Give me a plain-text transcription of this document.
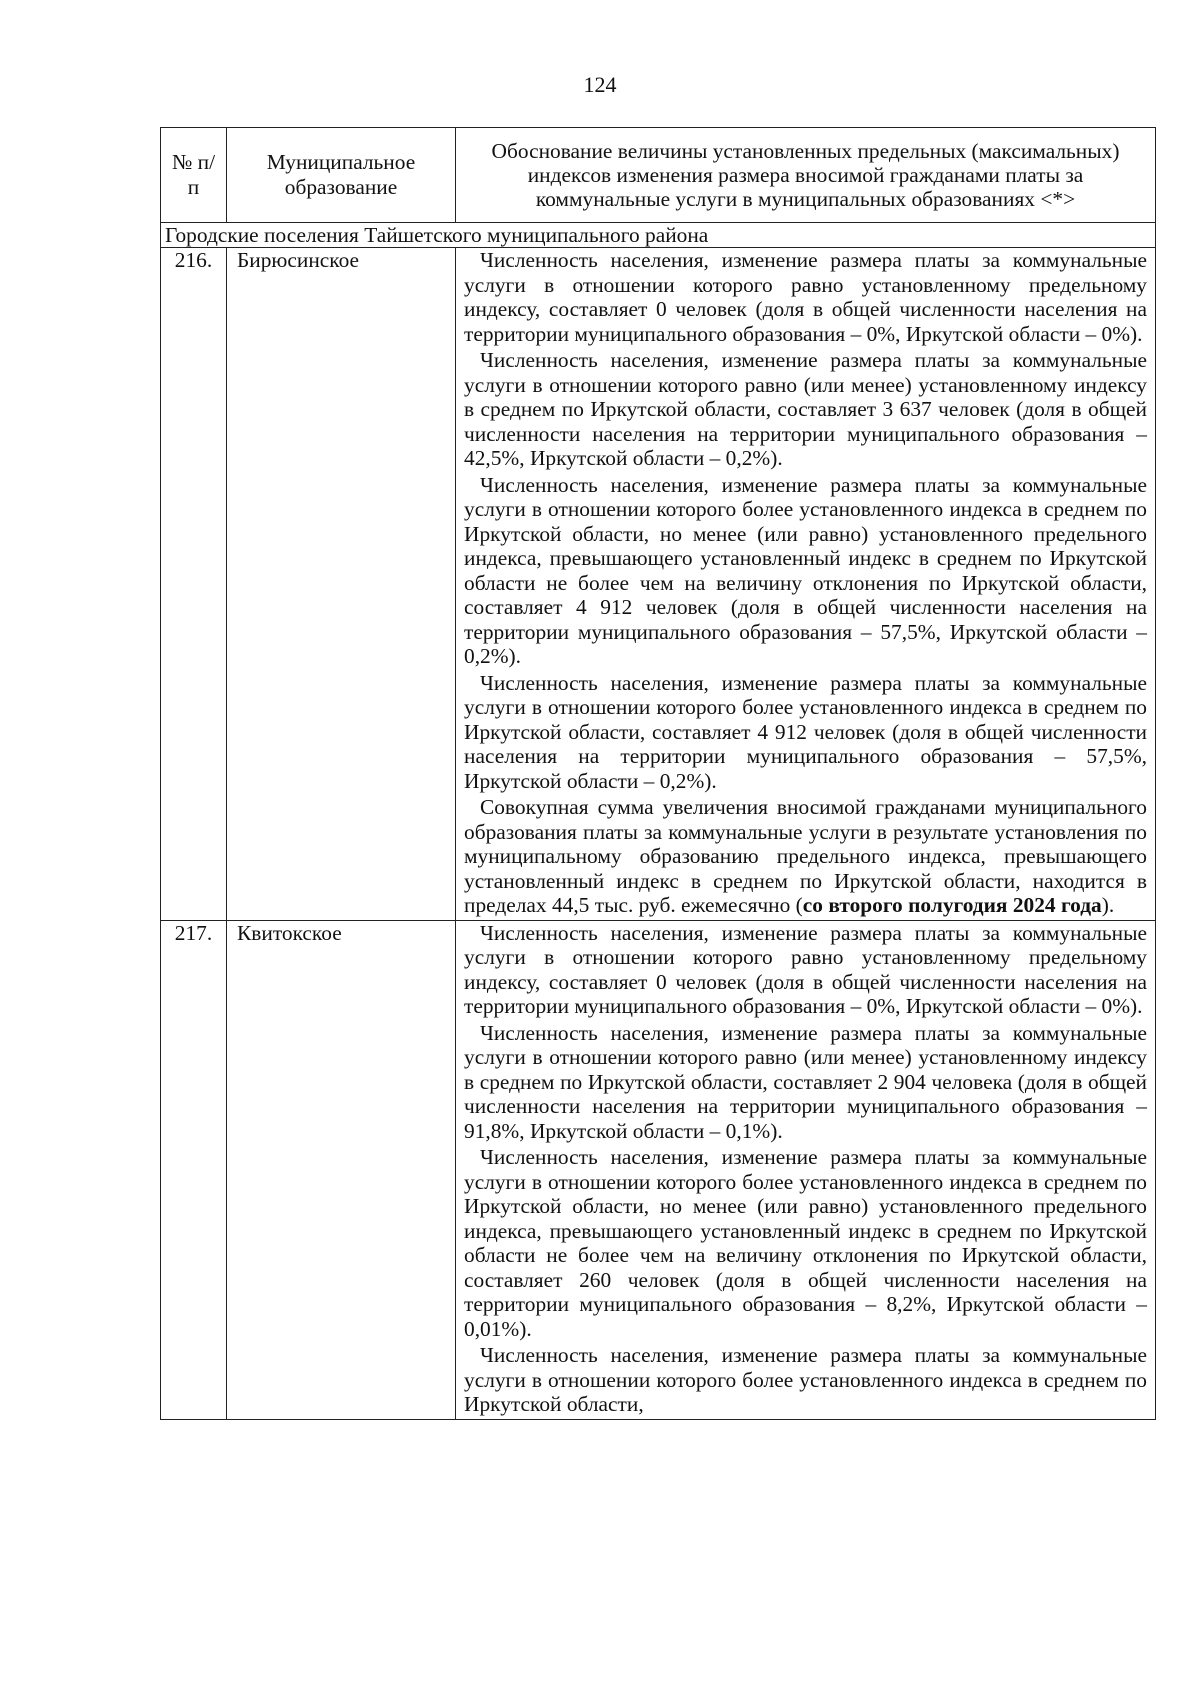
124
№ п/п	Муниципальное образование	Обоснование величины установленных предельных (максимальных) индексов изменения размера вносимой гражданами платы за коммунальные услуги в муниципальных образованиях <*>
Городские поселения Тайшетского муниципального района		
216.	Бирюсинское	Численность населения, изменение размера платы за коммунальные услуги в отношении которого равно установленному предельному индексу, составляет 0 человек (доля в общей численности населения на территории муниципального образования – 0%, Иркутской области – 0%).

Численность населения, изменение размера платы за коммунальные услуги в отношении которого равно (или менее) установленному индексу в среднем по Иркутской области, составляет 3 637 человек (доля в общей численности населения на территории муниципального образования – 42,5%, Иркутской области – 0,2%).

Численность населения, изменение размера платы за коммунальные услуги в отношении которого более установленного индекса в среднем по Иркутской области, но менее (или равно) установленного предельного индекса, превышающего установленный индекс в среднем по Иркутской области не более чем на величину отклонения по Иркутской области, составляет 4 912 человек (доля в общей численности населения на территории муниципального образования – 57,5%, Иркутской области – 0,2%).

Численность населения, изменение размера платы за коммунальные услуги в отношении которого более установленного индекса в среднем по Иркутской области, составляет 4 912 человек (доля в общей численности населения на территории муниципального образования – 57,5%, Иркутской области – 0,2%).

Совокупная сумма увеличения вносимой гражданами муниципального образования платы за коммунальные услуги в результате установления по муниципальному образованию предельного индекса, превышающего установленный индекс в среднем по Иркутской области, находится в пределах 44,5 тыс. руб. ежемесячно (со второго полугодия 2024 года).

217.	Квитокское	Численность населения, изменение размера платы за коммунальные услуги в отношении которого равно установленному предельному индексу, составляет 0 человек (доля в общей численности населения на территории муниципального образования – 0%, Иркутской области – 0%).

Численность населения, изменение размера платы за коммунальные услуги в отношении которого равно (или менее) установленному индексу в среднем по Иркутской области, составляет 2 904 человека (доля в общей численности населения на территории муниципального образования – 91,8%, Иркутской области – 0,1%).

Численность населения, изменение размера платы за коммунальные услуги в отношении которого более установленного индекса в среднем по Иркутской области, но менее (или равно) установленного предельного индекса, превышающего установленный индекс в среднем по Иркутской области не более чем на величину отклонения по Иркутской области, составляет 260 человек (доля в общей численности населения на территории муниципального образования – 8,2%, Иркутской области – 0,01%).

Численность населения, изменение размера платы за коммунальные услуги в отношении которого более установленного индекса в среднем по Иркутской области,
